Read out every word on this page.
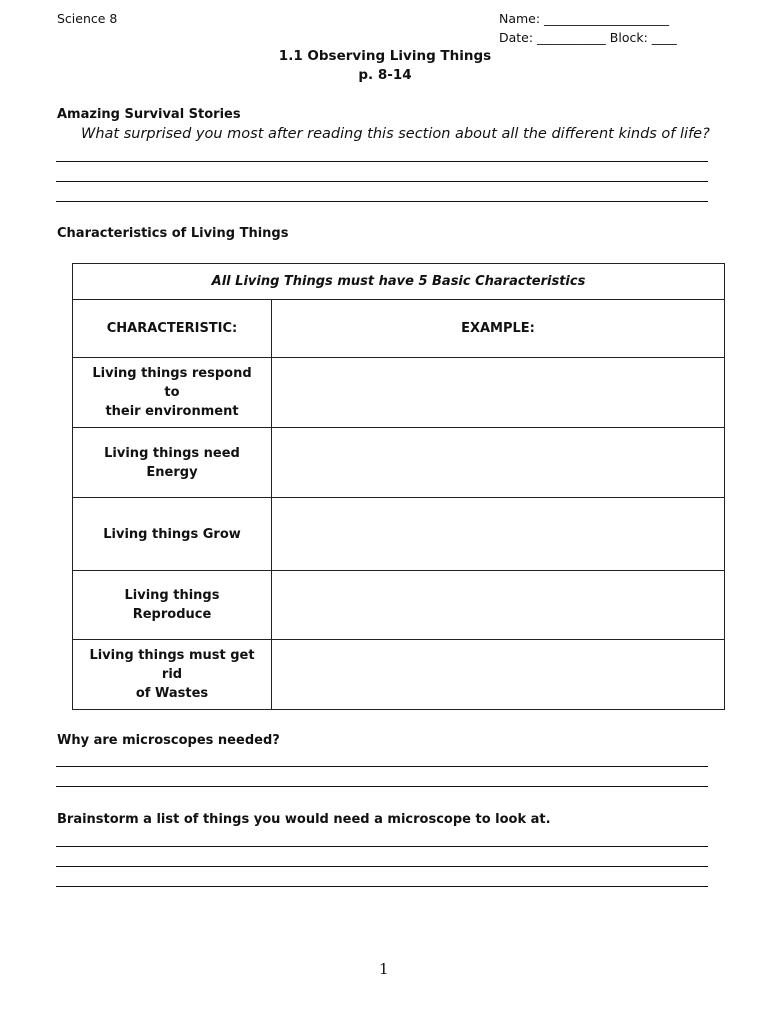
Science 8	Name: ____________________
Date: ___________ Block: ____
1.1 Observing Living Things
p. 8-14
Amazing Survival Stories
What surprised you most after reading this section about all the different kinds of life?
Characteristics of Living Things
All Living Things must have 5 Basic Characteristics	
CHARACTERISTIC:	EXAMPLE:

Living things respond to
their environment	

Living things need Energy	

Living things Grow	

Living things Reproduce	

Living things must get rid
of Wastes	

Why are microscopes needed?
Brainstorm a list of things you would need a microscope to look at.
1
